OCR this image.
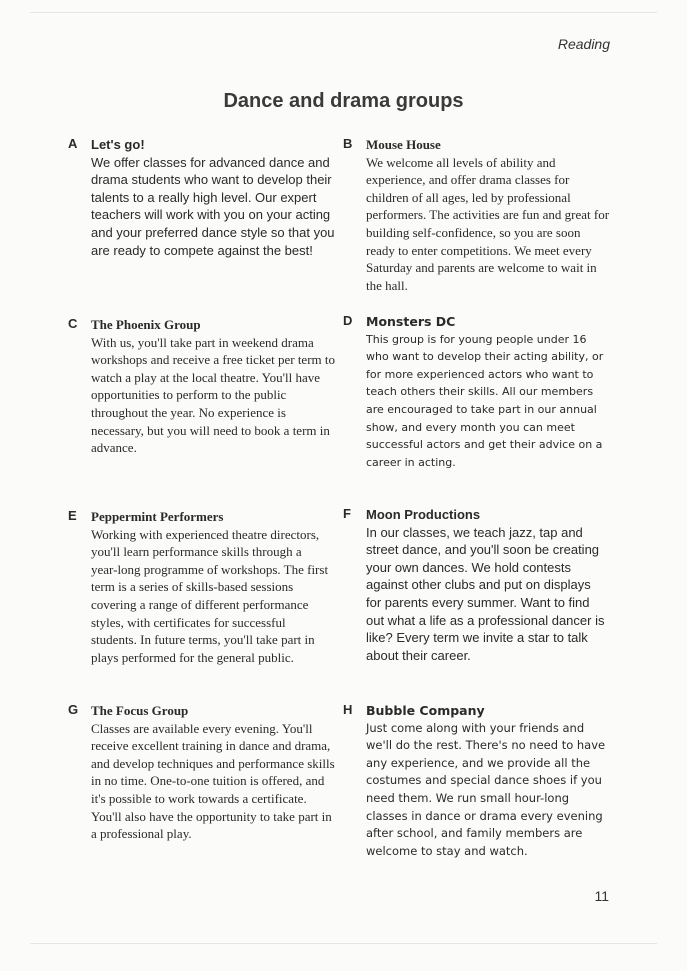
Reading
Dance and drama groups
A Let's go!

We offer classes for advanced dance and drama students who want to develop their talents to a really high level. Our expert teachers will work with you on your acting and your preferred dance style so that you are ready to compete against the best!

B Mouse House

We welcome all levels of ability and experience, and offer drama classes for children of all ages, led by professional performers. The activities are fun and great for building self-confidence, so you are soon ready to enter competitions. We meet every Saturday and parents are welcome to wait in the hall.

C The Phoenix Group

With us, you'll take part in weekend drama workshops and receive a free ticket per term to watch a play at the local theatre. You'll have opportunities to perform to the public throughout the year. No experience is necessary, but you will need to book a term in advance.

D Monsters DC

This group is for young people under 16 who want to develop their acting ability, or for more experienced actors who want to teach others their skills. All our members are encouraged to take part in our annual show, and every month you can meet successful actors and get their advice on a career in acting.

E Peppermint Performers

Working with experienced theatre directors, you'll learn performance skills through a year-long programme of workshops. The first term is a series of skills-based sessions covering a range of different performance styles, with certificates for successful students. In future terms, you'll take part in plays performed for the general public.

F Moon Productions

In our classes, we teach jazz, tap and street dance, and you'll soon be creating your own dances. We hold contests against other clubs and put on displays for parents every summer. Want to find out what a life as a professional dancer is like? Every term we invite a star to talk about their career.

G The Focus Group

Classes are available every evening. You'll receive excellent training in dance and drama, and develop techniques and performance skills in no time. One-to-one tuition is offered, and it's possible to work towards a certificate. You'll also have the opportunity to take part in a professional play.

H Bubble Company

Just come along with your friends and we'll do the rest. There's no need to have any experience, and we provide all the costumes and special dance shoes if you need them. We run small hour-long classes in dance or drama every evening after school, and family members are welcome to stay and watch.

11
